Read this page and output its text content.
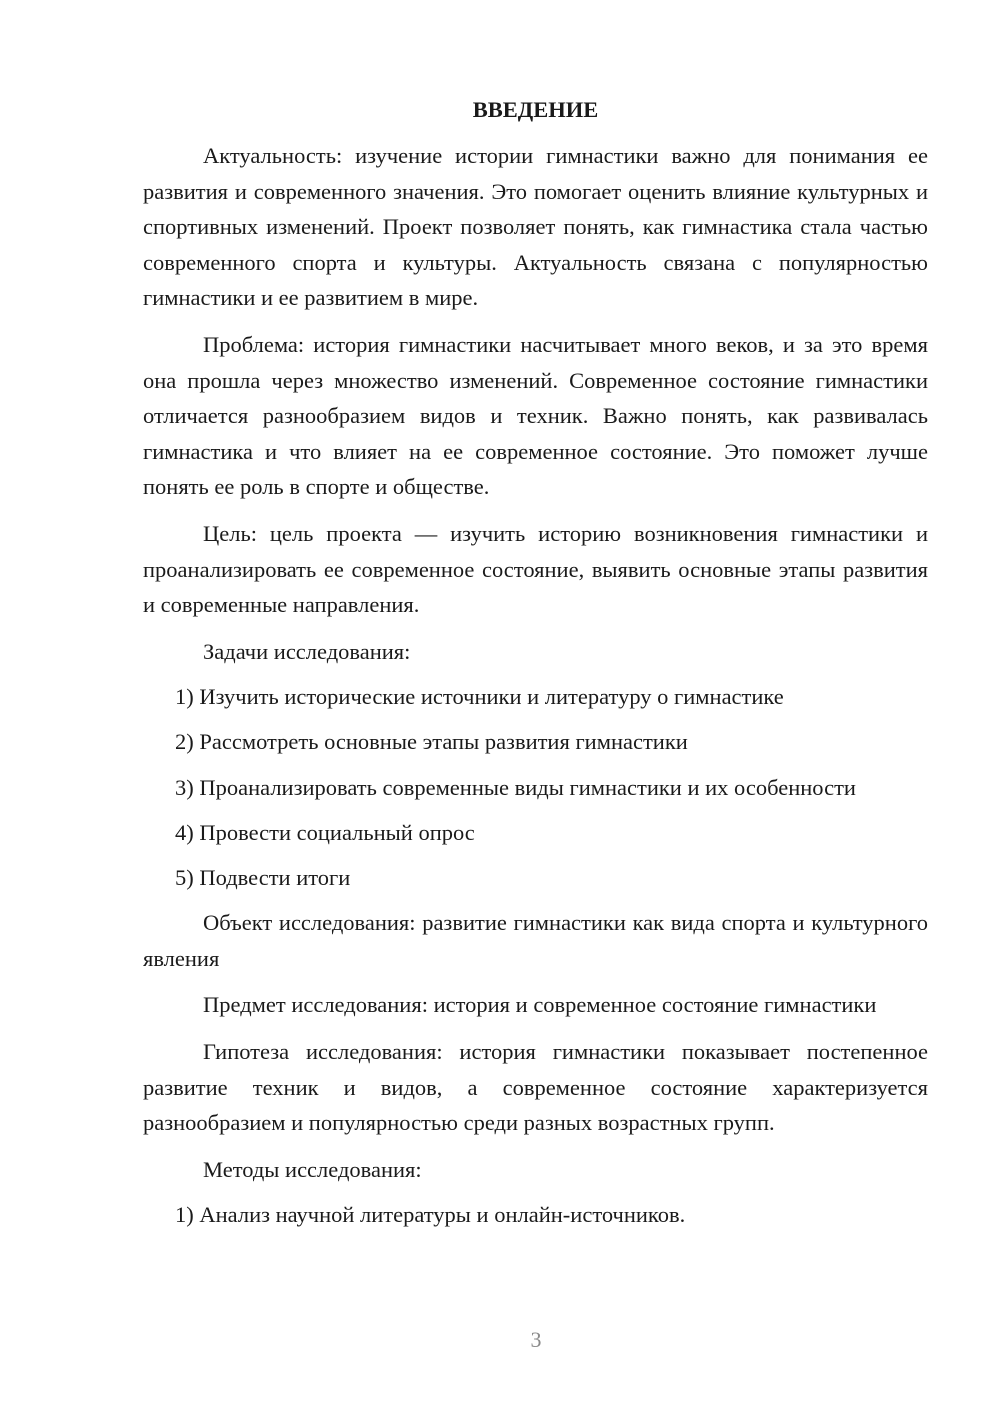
ВВЕДЕНИЕ

Актуальность: изучение истории гимнастики важно для понимания ее развития и современного значения. Это помогает оценить влияние культурных и спортивных изменений. Проект позволяет понять, как гимнастика стала частью современного спорта и культуры. Актуальность связана с популярностью гимнастики и ее развитием в мире.

Проблема: история гимнастики насчитывает много веков, и за это время она прошла через множество изменений. Современное состояние гимнастики отличается разнообразием видов и техник. Важно понять, как развивалась гимнастика и что влияет на ее современное состояние. Это поможет лучше понять ее роль в спорте и обществе.

Цель: цель проекта — изучить историю возникновения гимнастики и проанализировать ее современное состояние, выявить основные этапы развития и современные направления.

Задачи исследования:

1) Изучить исторические источники и литературу о гимнастике
2) Рассмотреть основные этапы развития гимнастики
3) Проанализировать современные виды гимнастики и их особенности
4) Провести социальный опрос
5) Подвести итоги

Объект исследования: развитие гимнастики как вида спорта и культурного явления

Предмет исследования: история и современное состояние гимнастики

Гипотеза исследования: история гимнастики показывает постепенное развитие техник и видов, а современное состояние характеризуется разнообразием и популярностью среди разных возрастных групп.

Методы исследования:

1) Анализ научной литературы и онлайн-источников.
3
